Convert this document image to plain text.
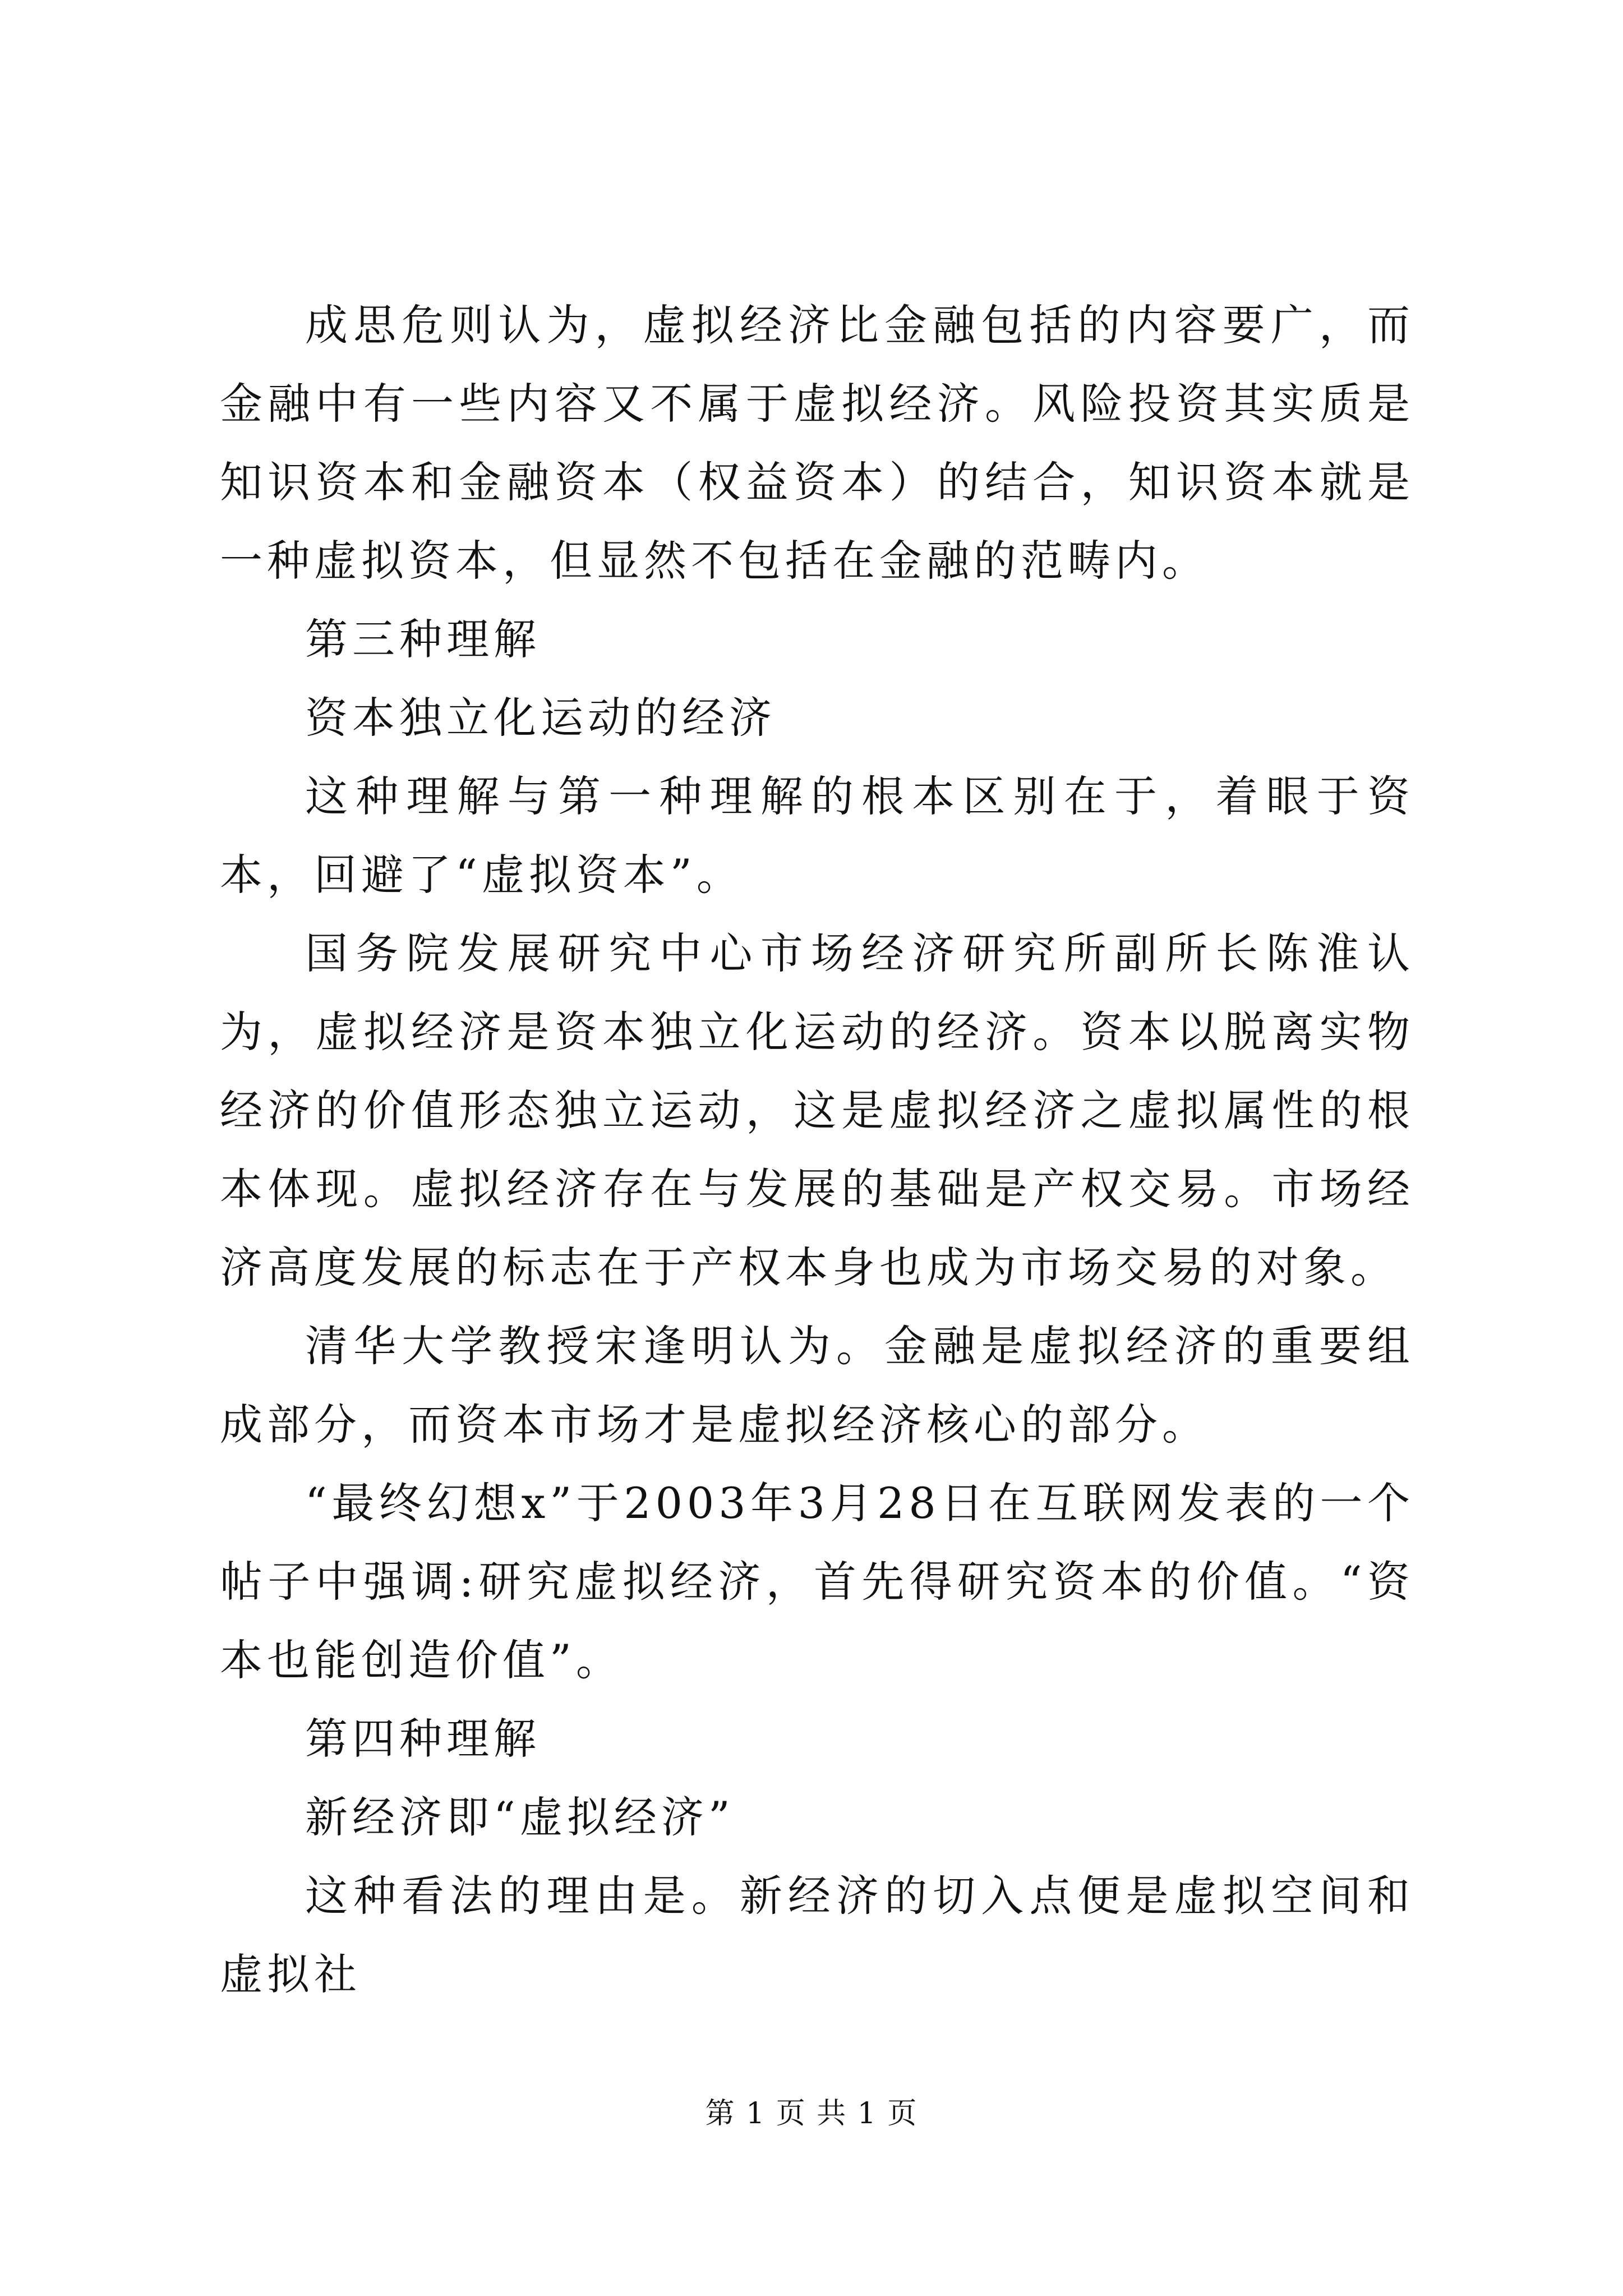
成思危则认为，虚拟经济比金融包括的内容要广，而金融中有一些内容又不属于虚拟经济。风险投资其实质是知识资本和金融资本（权益资本）的结合，知识资本就是一种虚拟资本，但显然不包括在金融的范畴内。

第三种理解

资本独立化运动的经济

这种理解与第一种理解的根本区别在于，着眼于资本，回避了“虚拟资本”。

国务院发展研究中心市场经济研究所副所长陈淮认为，虚拟经济是资本独立化运动的经济。资本以脱离实物经济的价值形态独立运动，这是虚拟经济之虚拟属性的根本体现。虚拟经济存在与发展的基础是产权交易。市场经济高度发展的标志在于产权本身也成为市场交易的对象。

清华大学教授宋逢明认为。金融是虚拟经济的重要组成部分，而资本市场才是虚拟经济核心的部分。

“最终幻想x”于2003年3月28日在互联网发表的一个帖子中强调:研究虚拟经济，首先得研究资本的价值。“资本也能创造价值”。

第四种理解

新经济即“虚拟经济”

这种看法的理由是。新经济的切入点便是虚拟空间和虚拟社

第 1 页 共 1 页
